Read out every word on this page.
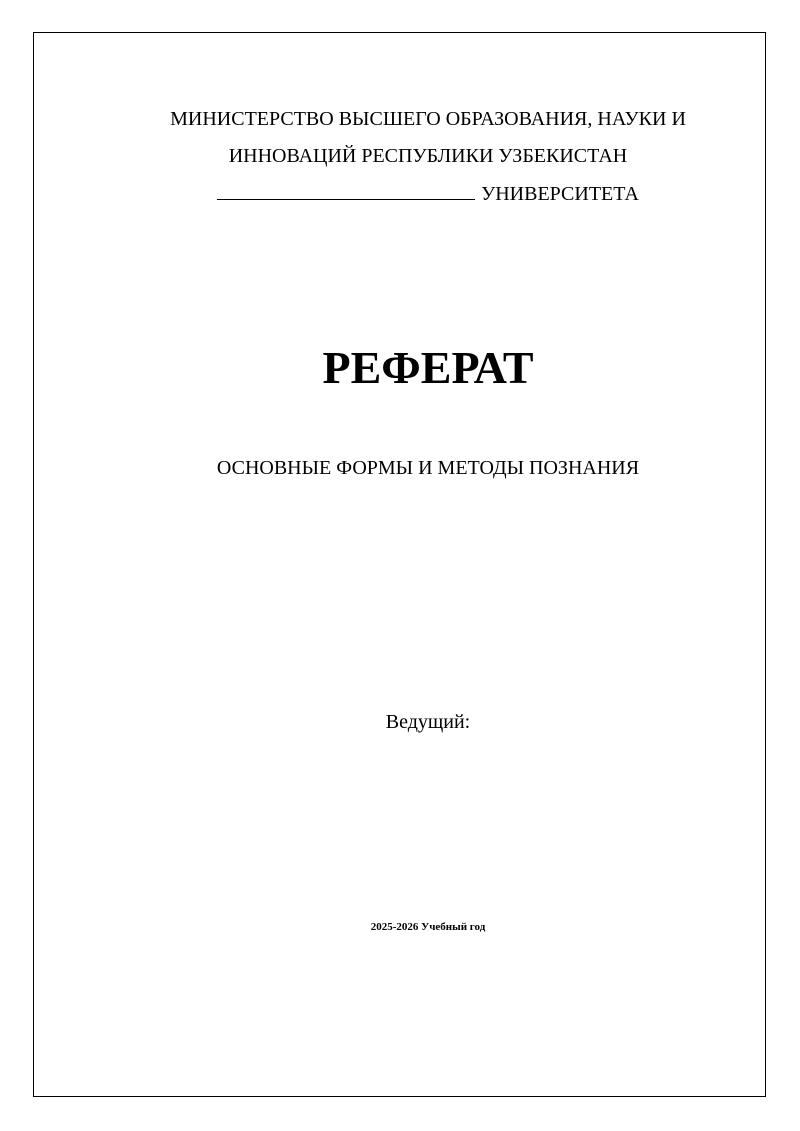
МИНИСТЕРСТВО ВЫСШЕГО ОБРАЗОВАНИЯ, НАУКИ И
ИННОВАЦИЙ РЕСПУБЛИКИ УЗБЕКИСТАН
УНИВЕРСИТЕТА
РЕФЕРАТ
ОСНОВНЫЕ ФОРМЫ И МЕТОДЫ ПОЗНАНИЯ
Ведущий:
2025-2026 Учебный год
